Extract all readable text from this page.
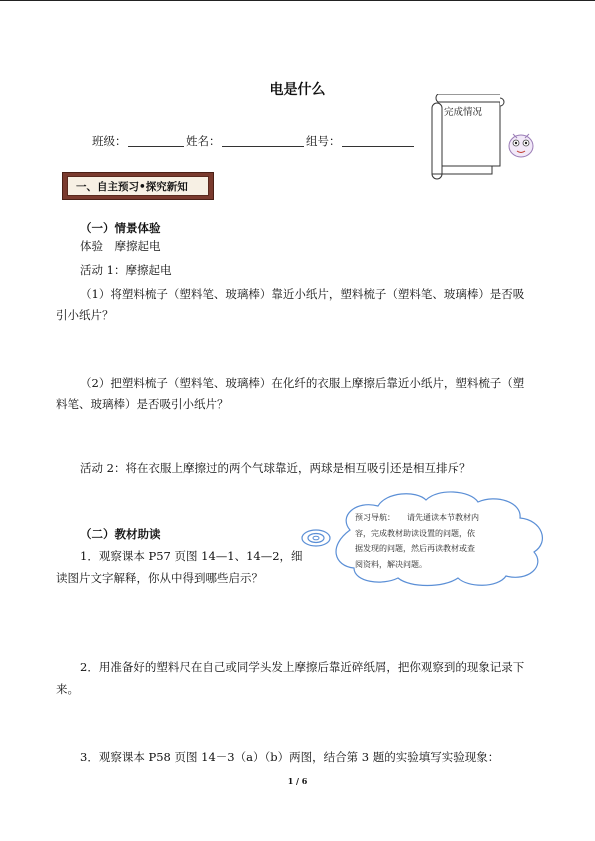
电是什么
班级：	姓名：	组号：
完成情况
一、自主预习•探究新知
（一）情景体验
体验　摩擦起电
活动 1：摩擦起电
（1）将塑料梳子（塑料笔、玻璃棒）靠近小纸片，塑料梳子（塑料笔、玻璃棒）是否吸
引小纸片？
（2）把塑料梳子（塑料笔、玻璃棒）在化纤的衣服上摩擦后靠近小纸片，塑料梳子（塑
料笔、玻璃棒）是否吸引小纸片？
活动 2：将在衣服上摩擦过的两个气球靠近，两球是相互吸引还是相互排斥？
预习导航：　　请先通读本节教材内
容，完成教材助读设置的问题，依
据发现的问题，然后再读教材或查
阅资料，解决问题。
（二）教材助读
1．观察课本 P57 页图 14—1、14—2，细
读图片文字解释，你从中得到哪些启示？
2．用准备好的塑料尺在自己或同学头发上摩擦后靠近碎纸屑，把你观察到的现象记录下
来。
3．观察课本 P58 页图 14－3（a）（b）两图，结合第 3 题的实验填写实验现象：
1 / 6
